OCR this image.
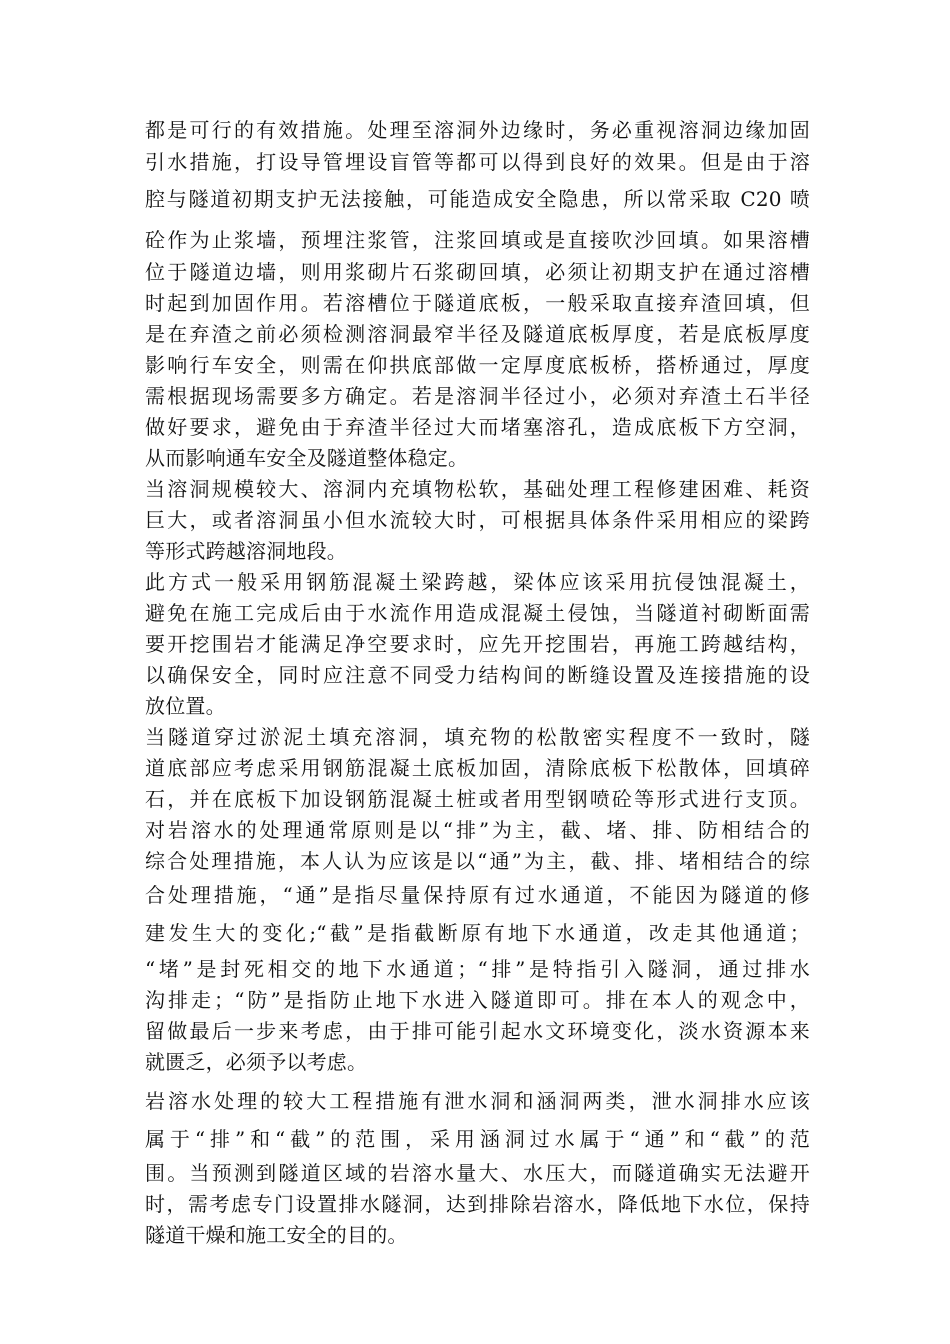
都是可行的有效措施。处理至溶洞外边缘时，务必重视溶洞边缘加固
引水措施，打设导管埋设盲管等都可以得到良好的效果。但是由于溶
腔与隧道初期支护无法接触，可能造成安全隐患，所以常采取 C20 喷
砼作为止浆墙，预埋注浆管，注浆回填或是直接吹沙回填。如果溶槽
位于隧道边墙，则用浆砌片石浆砌回填，必须让初期支护在通过溶槽
时起到加固作用。若溶槽位于隧道底板，一般采取直接弃渣回填，但
是在弃渣之前必须检测溶洞最窄半径及隧道底板厚度，若是底板厚度
影响行车安全，则需在仰拱底部做一定厚度底板桥，搭桥通过，厚度
需根据现场需要多方确定。若是溶洞半径过小，必须对弃渣土石半径
做好要求，避免由于弃渣半径过大而堵塞溶孔，造成底板下方空洞，
从而影响通车安全及隧道整体稳定。
当溶洞规模较大、溶洞内充填物松软，基础处理工程修建困难、耗资
巨大，或者溶洞虽小但水流较大时，可根据具体条件采用相应的梁跨
等形式跨越溶洞地段。
此方式一般采用钢筋混凝土梁跨越，梁体应该采用抗侵蚀混凝土，
避免在施工完成后由于水流作用造成混凝土侵蚀，当隧道衬砌断面需
要开挖围岩才能满足净空要求时，应先开挖围岩，再施工跨越结构，
以确保安全，同时应注意不同受力结构间的断缝设置及连接措施的设
放位置。
当隧道穿过淤泥土填充溶洞，填充物的松散密实程度不一致时，隧
道底部应考虑采用钢筋混凝土底板加固，清除底板下松散体，回填碎
石，并在底板下加设钢筋混凝土桩或者用型钢喷砼等形式进行支顶。
对岩溶水的处理通常原则是以“排”为主，截、堵、排、防相结合的
综合处理措施，本人认为应该是以“通”为主，截、排、堵相结合的综
合处理措施，“通”是指尽量保持原有过水通道，不能因为隧道的修
建发生大的变化;“截”是指截断原有地下水通道，改走其他通道；
“堵”是封死相交的地下水通道；“排”是特指引入隧洞，通过排水
沟排走；“防”是指防止地下水进入隧道即可。排在本人的观念中，
留做最后一步来考虑，由于排可能引起水文环境变化，淡水资源本来
就匮乏，必须予以考虑。
岩溶水处理的较大工程措施有泄水洞和涵洞两类，泄水洞排水应该
属于“排”和“截”的范围，采用涵洞过水属于“通”和“截”的范
围。当预测到隧道区域的岩溶水量大、水压大，而隧道确实无法避开
时，需考虑专门设置排水隧洞，达到排除岩溶水，降低地下水位，保持
隧道干燥和施工安全的目的。
